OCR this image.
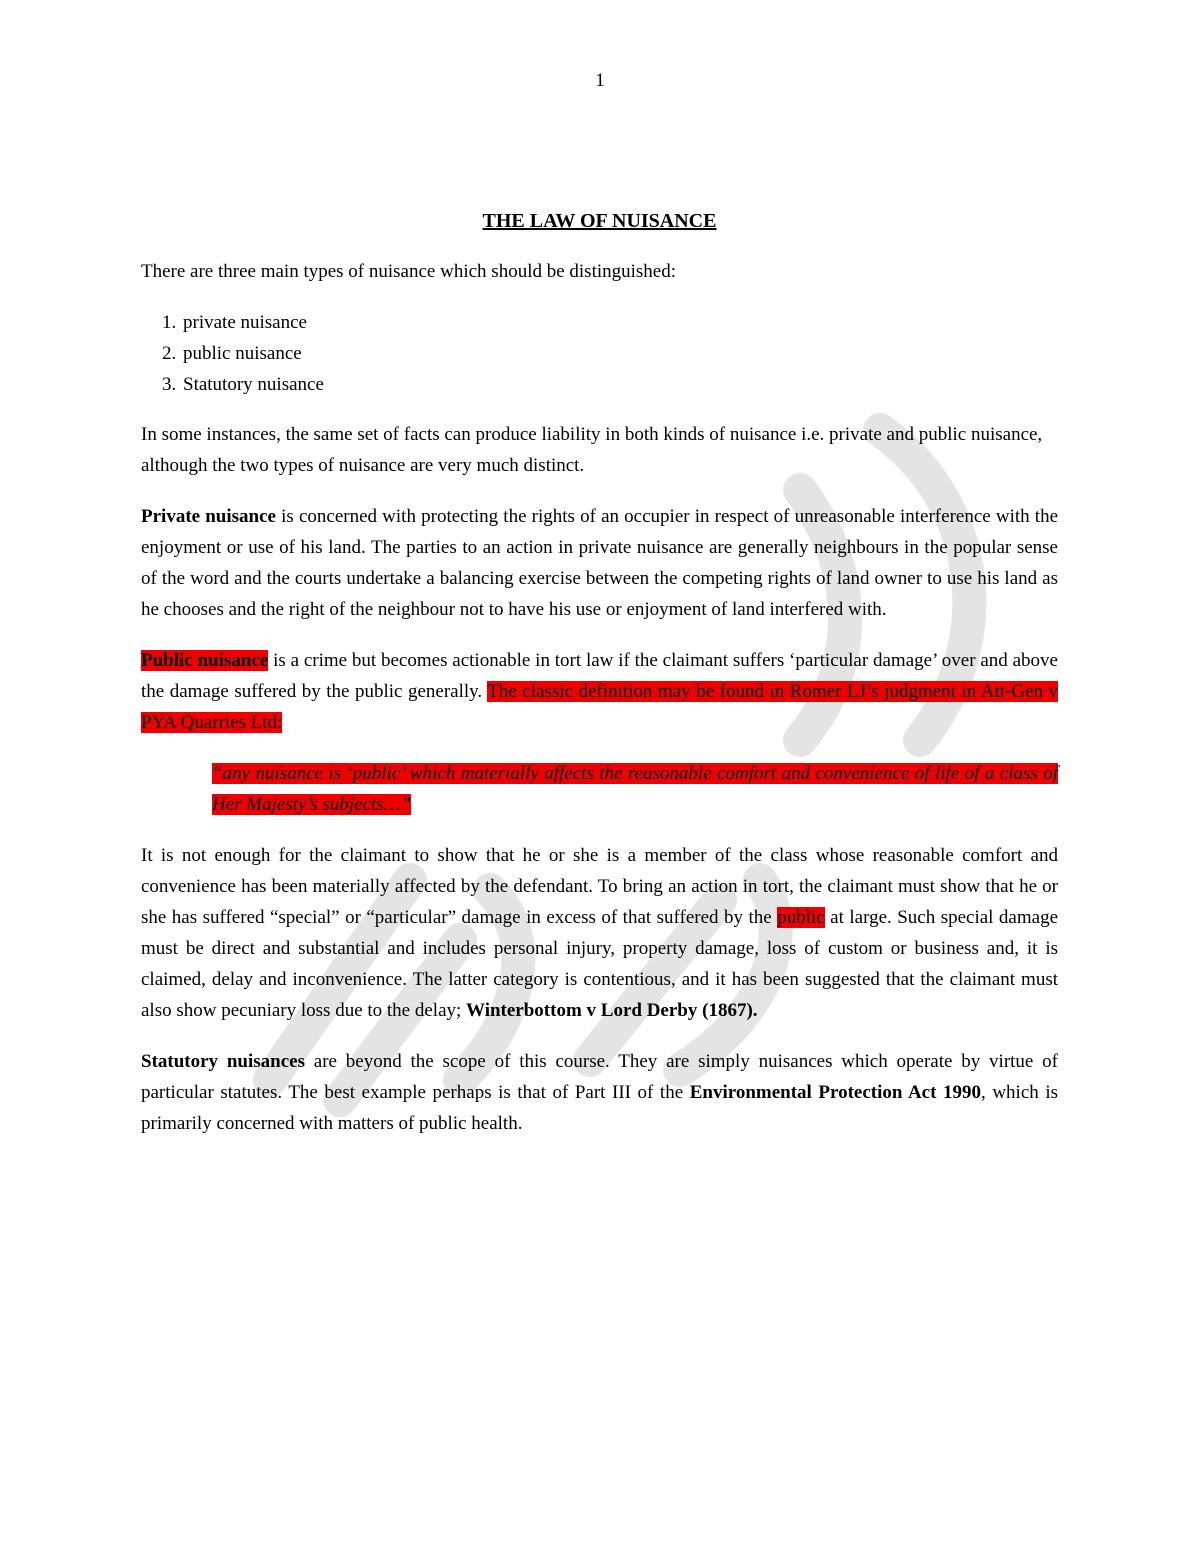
1
THE LAW OF NUISANCE

There are three main types of nuisance which should be distinguished:

1. private nuisance
2. public nuisance
3. Statutory nuisance

In some instances, the same set of facts can produce liability in both kinds of nuisance i.e. private and public nuisance, although the two types of nuisance are very much distinct.

Private nuisance is concerned with protecting the rights of an occupier in respect of unreasonable interference with the enjoyment or use of his land. The parties to an action in private nuisance are generally neighbours in the popular sense of the word and the courts undertake a balancing exercise between the competing rights of land owner to use his land as he chooses and the right of the neighbour not to have his use or enjoyment of land interfered with.

Public nuisance is a crime but becomes actionable in tort law if the claimant suffers ‘particular damage’ over and above the damage suffered by the public generally. The classic definition may be found in Romer LJ’s judgment in Att-Gen v PYA Quarries Ltd:

“any nuisance is ‘public’ which materially affects the reasonable comfort and convenience of life of a class of Her Majesty’s subjects…”

It is not enough for the claimant to show that he or she is a member of the class whose reasonable comfort and convenience has been materially affected by the defendant. To bring an action in tort, the claimant must show that he or she has suffered “special” or “particular” damage in excess of that suffered by the public at large. Such special damage must be direct and substantial and includes personal injury, property damage, loss of custom or business and, it is claimed, delay and inconvenience. The latter category is contentious, and it has been suggested that the claimant must also show pecuniary loss due to the delay; Winterbottom v Lord Derby (1867).

Statutory nuisances are beyond the scope of this course. They are simply nuisances which operate by virtue of particular statutes. The best example perhaps is that of Part III of the Environmental Protection Act 1990, which is primarily concerned with matters of public health.
